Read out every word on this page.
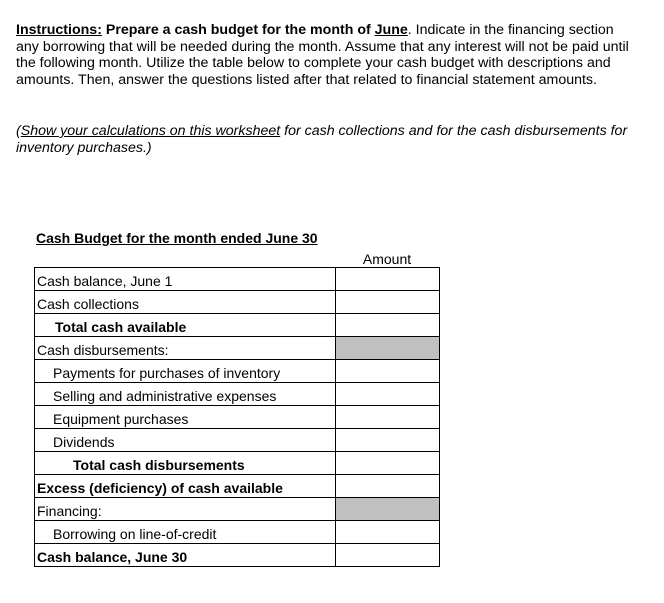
Instructions: Prepare a cash budget for the month of June. Indicate in the financing section any borrowing that will be needed during the month. Assume that any interest will not be paid until the following month. Utilize the table below to complete your cash budget with descriptions and amounts. Then, answer the questions listed after that related to financial statement amounts.

(Show your calculations on this worksheet for cash collections and for the cash disbursements for inventory purchases.)

Cash Budget for the month ended June 30
Amount
Cash balance, June 1	
Cash collections	
Total cash available	
Cash disbursements:	
Payments for purchases of inventory	
Selling and administrative expenses	
Equipment purchases	
Dividends	
Total cash disbursements	
Excess (deficiency) of cash available	
Financing:	
Borrowing on line-of-credit	
Cash balance, June 30	
